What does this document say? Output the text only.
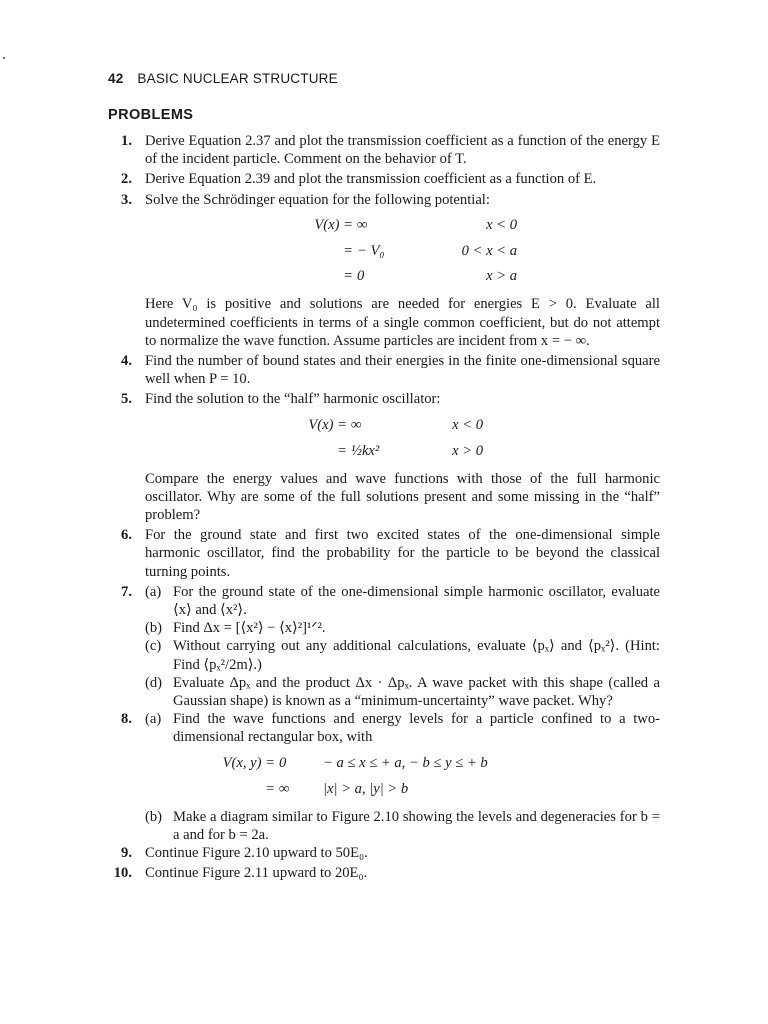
42 BASIC NUCLEAR STRUCTURE
PROBLEMS
1. Derive Equation 2.37 and plot the transmission coefficient as a function of the energy E of the incident particle. Comment on the behavior of T.
2. Derive Equation 2.39 and plot the transmission coefficient as a function of E.
3. Solve the Schrödinger equation for the following potential:
V(x) = ∞	x < 0
= − V₀	0 < x < a
= 0	x > a
Here V₀ is positive and solutions are needed for energies E > 0. Evaluate all undetermined coefficients in terms of a single common coefficient, but do not attempt to normalize the wave function. Assume particles are incident from x = − ∞.
4. Find the number of bound states and their energies in the finite one-dimensional square well when P = 10.
5. Find the solution to the “half” harmonic oscillator:
V(x) = ∞	x < 0
= ½kx²	x > 0
Compare the energy values and wave functions with those of the full harmonic oscillator. Why are some of the full solutions present and some missing in the “half” problem?
6. For the ground state and first two excited states of the one-dimensional simple harmonic oscillator, find the probability for the particle to be beyond the classical turning points.
7. (a) For the ground state of the one-dimensional simple harmonic oscillator, evaluate ⟨x⟩ and ⟨x²⟩.
(b) Find Δx = [⟨x²⟩ − ⟨x⟩²]¹ᐟ².
(c) Without carrying out any additional calculations, evaluate ⟨pₓ⟩ and ⟨pₓ²⟩. (Hint: Find ⟨pₓ²/2m⟩.)
(d) Evaluate Δpₓ and the product Δx · Δpₓ. A wave packet with this shape (called a Gaussian shape) is known as a “minimum-uncertainty” wave packet. Why?
8. (a) Find the wave functions and energy levels for a particle confined to a two-dimensional rectangular box, with
V(x, y) = 0	− a ≤ x ≤ + a, − b ≤ y ≤ + b
= ∞	|x| > a, |y| > b
(b) Make a diagram similar to Figure 2.10 showing the levels and degeneracies for b = a and for b = 2a.
9. Continue Figure 2.10 upward to 50E₀.
10. Continue Figure 2.11 upward to 20E₀.
